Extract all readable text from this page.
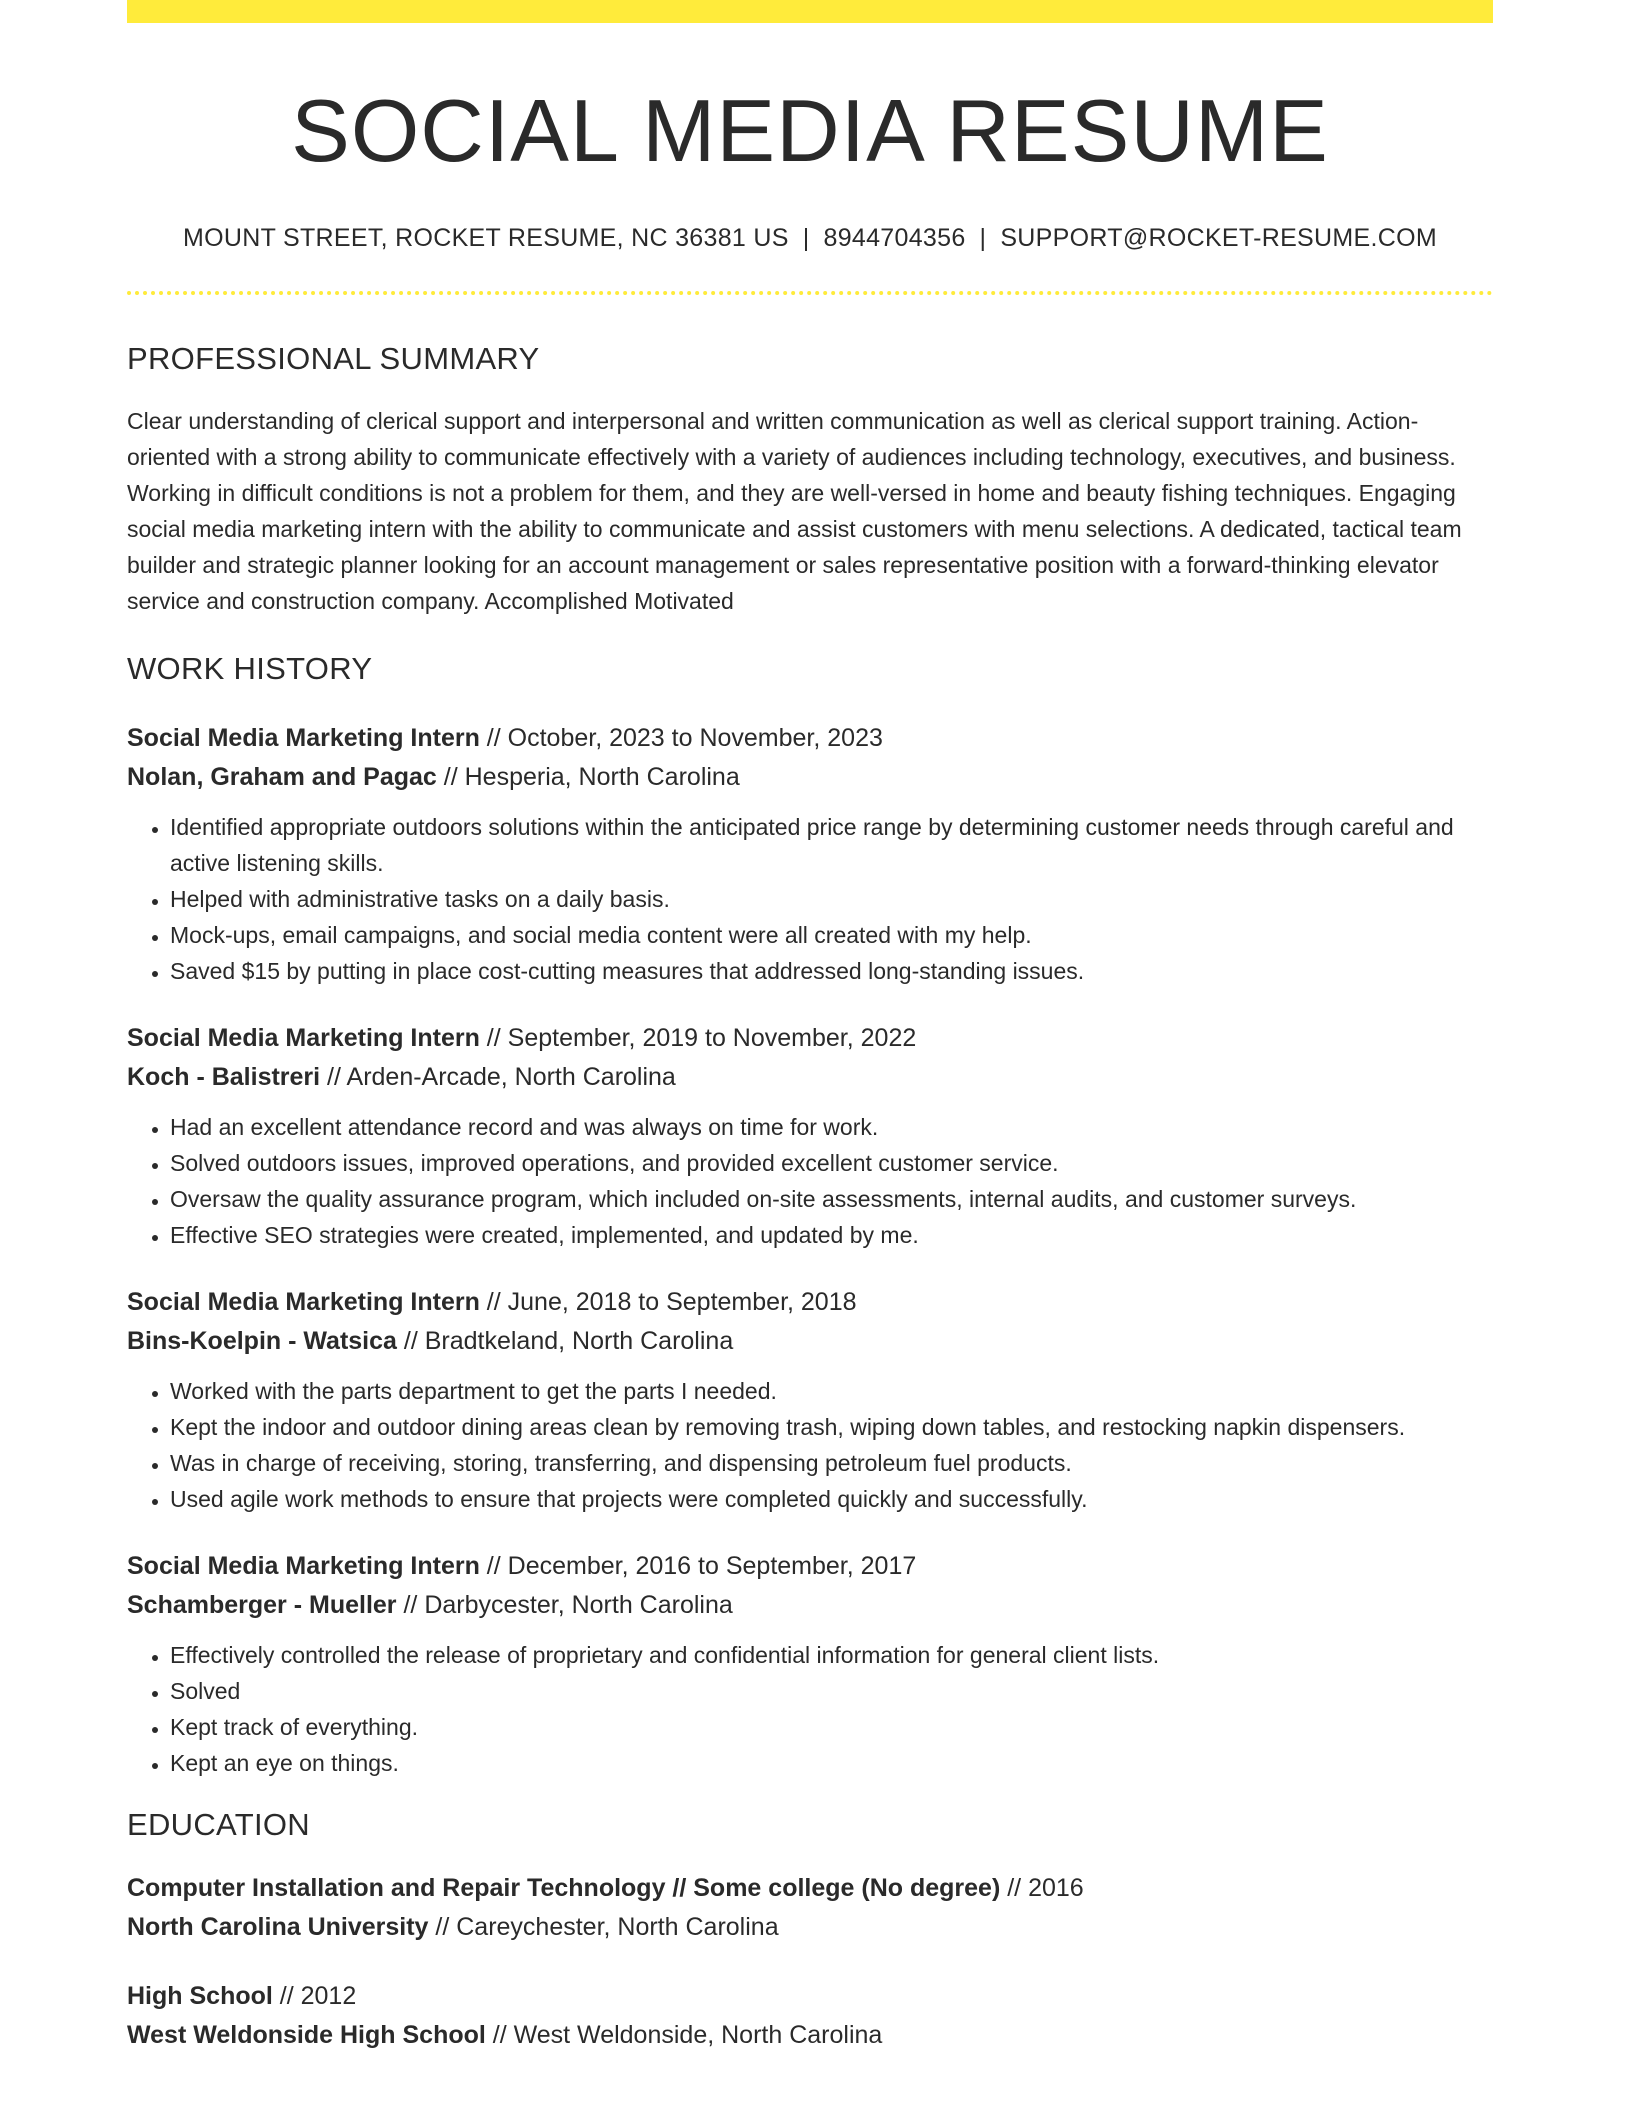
SOCIAL MEDIA RESUME
MOUNT STREET, ROCKET RESUME, NC 36381 US | 8944704356 | SUPPORT@ROCKET-RESUME.COM
PROFESSIONAL SUMMARY
Clear understanding of clerical support and interpersonal and written communication as well as clerical support training. Action-oriented with a strong ability to communicate effectively with a variety of audiences including technology, executives, and business. Working in difficult conditions is not a problem for them, and they are well-versed in home and beauty fishing techniques. Engaging social media marketing intern with the ability to communicate and assist customers with menu selections. A dedicated, tactical team builder and strategic planner looking for an account management or sales representative position with a forward-thinking elevator service and construction company. Accomplished Motivated
WORK HISTORY
Social Media Marketing Intern // October, 2023 to November, 2023
Nolan, Graham and Pagac // Hesperia, North Carolina
• Identified appropriate outdoors solutions within the anticipated price range by determining customer needs through careful and active listening skills.
• Helped with administrative tasks on a daily basis.
• Mock-ups, email campaigns, and social media content were all created with my help.
• Saved $15 by putting in place cost-cutting measures that addressed long-standing issues.
Social Media Marketing Intern // September, 2019 to November, 2022
Koch - Balistreri // Arden-Arcade, North Carolina
• Had an excellent attendance record and was always on time for work.
• Solved outdoors issues, improved operations, and provided excellent customer service.
• Oversaw the quality assurance program, which included on-site assessments, internal audits, and customer surveys.
• Effective SEO strategies were created, implemented, and updated by me.
Social Media Marketing Intern // June, 2018 to September, 2018
Bins-Koelpin - Watsica // Bradtkeland, North Carolina
• Worked with the parts department to get the parts I needed.
• Kept the indoor and outdoor dining areas clean by removing trash, wiping down tables, and restocking napkin dispensers.
• Was in charge of receiving, storing, transferring, and dispensing petroleum fuel products.
• Used agile work methods to ensure that projects were completed quickly and successfully.
Social Media Marketing Intern // December, 2016 to September, 2017
Schamberger - Mueller // Darbycester, North Carolina
• Effectively controlled the release of proprietary and confidential information for general client lists.
• Solved
• Kept track of everything.
• Kept an eye on things.
EDUCATION
Computer Installation and Repair Technology // Some college (No degree) // 2016
North Carolina University // Careychester, North Carolina
High School // 2012
West Weldonside High School // West Weldonside, North Carolina
